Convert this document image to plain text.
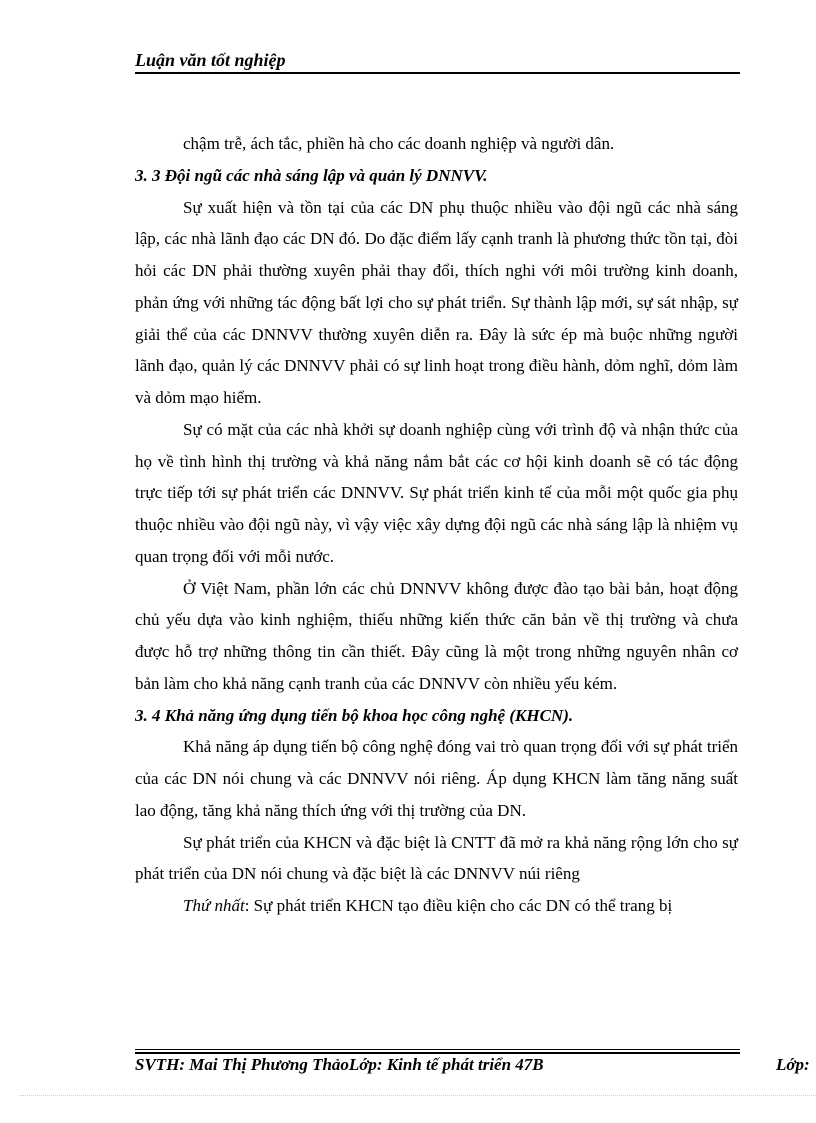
Luận văn tốt nghiệp

chậm trễ, ách tắc, phiền hà cho các doanh nghiệp và người dân.

3. 3 Đội ngũ các nhà sáng lập và quản lý DNNVV.

Sự xuất hiện và tồn tại của các DN phụ thuộc nhiều vào đội ngũ các nhà sáng lập, các nhà lãnh đạo các DN đó. Do đặc điểm lấy cạnh tranh là phương thức tồn tại, đòi hỏi các DN phải thường xuyên phải thay đổi, thích nghi với môi trường kinh doanh, phản ứng với những tác động bất lợi cho sự phát triển. Sự thành lập mới, sự sát nhập, sự giải thể của các DNNVV thường xuyên diễn ra. Đây là sức ép mà buộc những người lãnh đạo, quản lý các DNNVV phải có sự linh hoạt trong điều hành, dỏm nghĩ, dỏm làm và dỏm mạo hiểm.

Sự có mặt của các nhà khởi sự doanh nghiệp cùng với trình độ và nhận thức của họ về tình hình thị trường và khả năng nắm bắt các cơ hội kinh doanh sẽ có tác động trực tiếp tới sự phát triển các DNNVV. Sự phát triển kinh tế của mỗi một quốc gia phụ thuộc nhiều vào đội ngũ này, vì vậy việc xây dựng đội ngũ các nhà sáng lập là nhiệm vụ quan trọng đối với mỗi nước.

Ở Việt Nam, phần lớn các chủ DNNVV không được đào tạo bài bản, hoạt động chủ yếu dựa vào kinh nghiệm, thiếu những kiến thức căn bản về thị trường và chưa được hỗ trợ những thông tin cần thiết. Đây cũng là một trong những nguyên nhân cơ bản làm cho khả năng cạnh tranh của các DNNVV còn nhiều yếu kém.

3. 4 Khả năng ứng dụng tiến bộ khoa học công nghệ (KHCN).

Khả năng áp dụng tiến bộ công nghệ đóng vai trò quan trọng đối với sự phát triển của các DN nói chung và các DNNVV nói riêng. Áp dụng KHCN làm tăng năng suất lao động, tăng khả năng thích ứng với thị trường của DN.

Sự phát triển của KHCN và đặc biệt là CNTT đã mở ra khả năng rộng lớn cho sự phát triển của DN nói chung và đặc biệt là các DNNVV núi riêng

Thứ nhất: Sự phát triển KHCN tạo điều kiện cho các DN có thể trang bị

SVTH: Mai Thị Phương ThảoLớp: Kinh tế phát triển 47B	Lớp:
